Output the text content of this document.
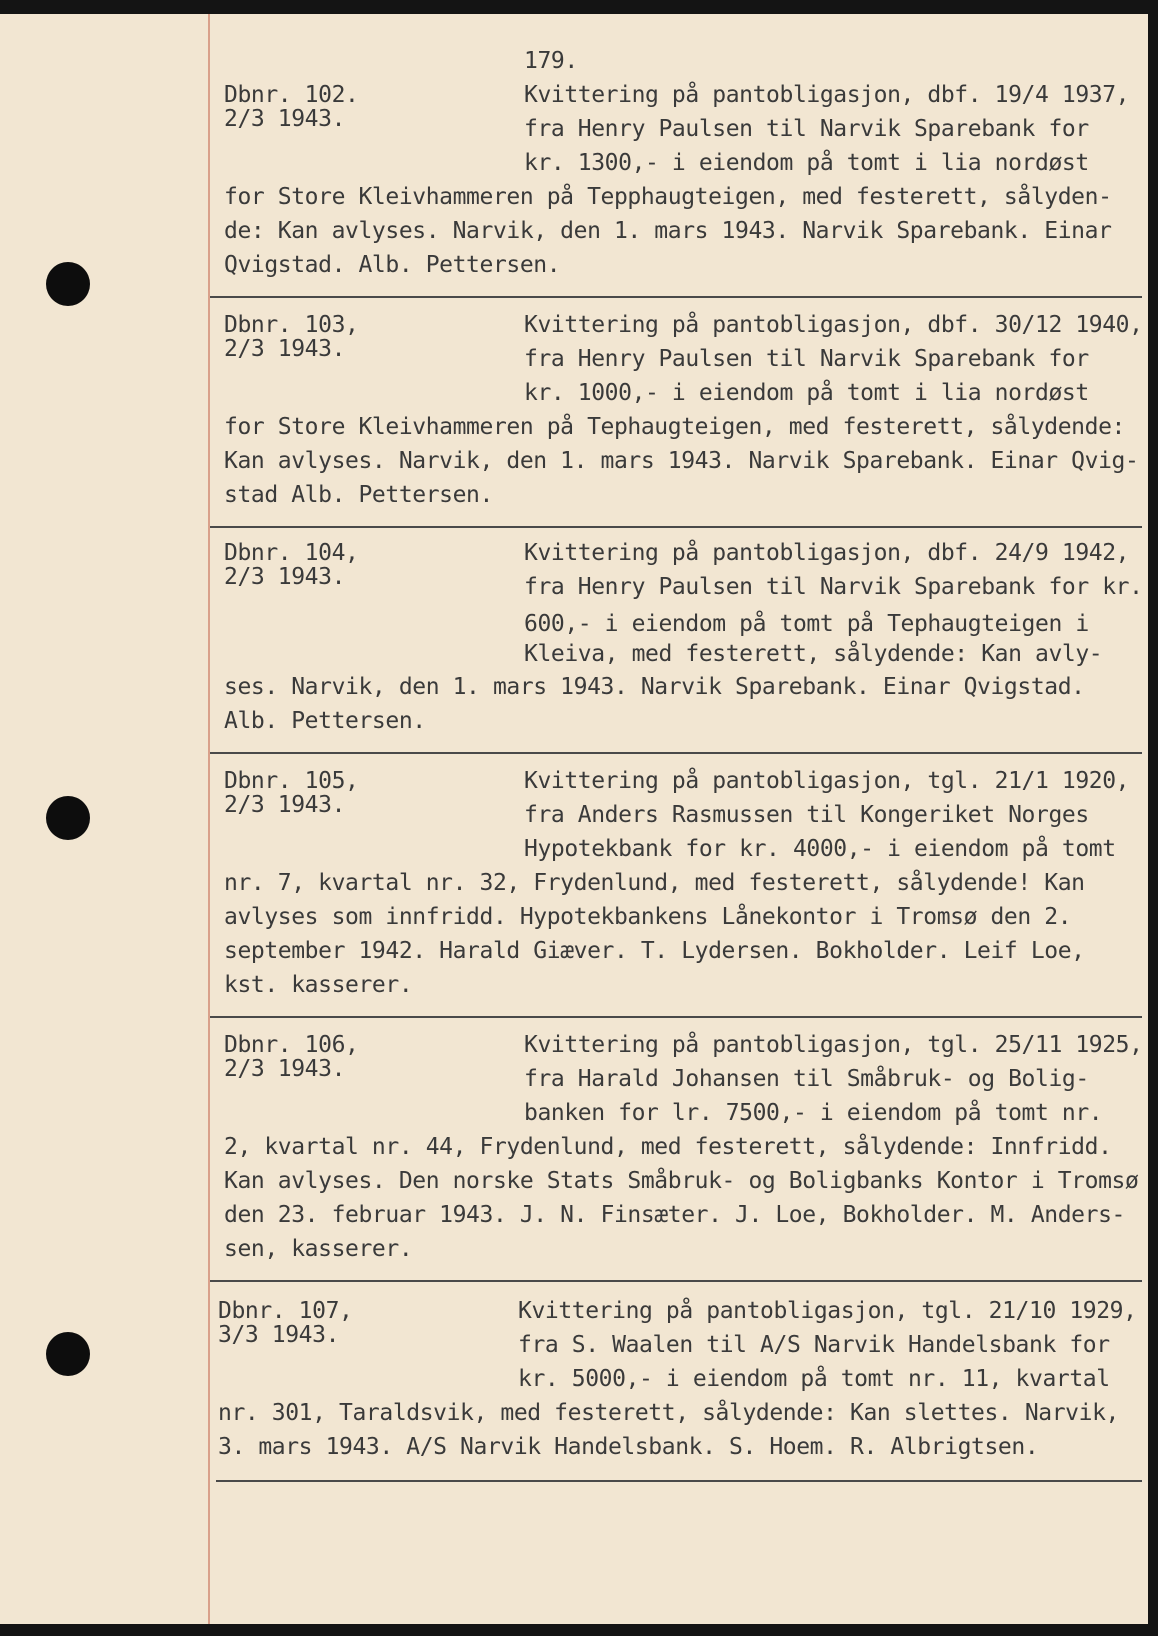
179.
Dbnr. 102.
2/3 1943.
Kvittering på pantobligasjon, dbf. 19/4 1937,
fra Henry Paulsen til Narvik Sparebank for
kr. 1300,- i eiendom på tomt i lia nordøst
for Store Kleivhammeren på Tepphaugteigen, med festerett, sålyden-
de: Kan avlyses. Narvik, den 1. mars 1943. Narvik Sparebank. Einar
Qvigstad. Alb. Pettersen.
Dbnr. 103,
2/3 1943.
Kvittering på pantobligasjon, dbf. 30/12 1940,
fra Henry Paulsen til Narvik Sparebank for
kr. 1000,- i eiendom på tomt i lia nordøst
for Store Kleivhammeren på Tephaugteigen, med festerett, sålydende:
Kan avlyses. Narvik, den 1. mars 1943. Narvik Sparebank. Einar Qvig-
stad Alb. Pettersen.
Dbnr. 104,
2/3 1943.
Kvittering på pantobligasjon, dbf. 24/9 1942,
fra Henry Paulsen til Narvik Sparebank for kr.
600,- i eiendom på tomt på Tephaugteigen i
Kleiva, med festerett, sålydende: Kan avly-
ses. Narvik, den 1. mars 1943. Narvik Sparebank. Einar Qvigstad.
Alb. Pettersen.
Dbnr. 105,
2/3 1943.
Kvittering på pantobligasjon, tgl. 21/1 1920,
fra Anders Rasmussen til Kongeriket Norges
Hypotekbank for kr. 4000,- i eiendom på tomt
nr. 7, kvartal nr. 32, Frydenlund, med festerett, sålydende! Kan
avlyses som innfridd. Hypotekbankens Lånekontor i Tromsø den 2.
september 1942. Harald Giæver. T. Lydersen. Bokholder. Leif Loe,
kst. kasserer.
Dbnr. 106,
2/3 1943.
Kvittering på pantobligasjon, tgl. 25/11 1925,
fra Harald Johansen til Småbruk- og Bolig-
banken for lr. 7500,- i eiendom på tomt nr.
2, kvartal nr. 44, Frydenlund, med festerett, sålydende: Innfridd.
Kan avlyses. Den norske Stats Småbruk- og Boligbanks Kontor i Tromsø
den 23. februar 1943. J. N. Finsæter. J. Loe, Bokholder. M. Anders-
sen, kasserer.
Dbnr. 107,
3/3 1943.
Kvittering på pantobligasjon, tgl. 21/10 1929,
fra S. Waalen til A/S Narvik Handelsbank for
kr. 5000,- i eiendom på tomt nr. 11, kvartal
nr. 301, Taraldsvik, med festerett, sålydende: Kan slettes. Narvik,
3. mars 1943. A/S Narvik Handelsbank. S. Hoem. R. Albrigtsen.
